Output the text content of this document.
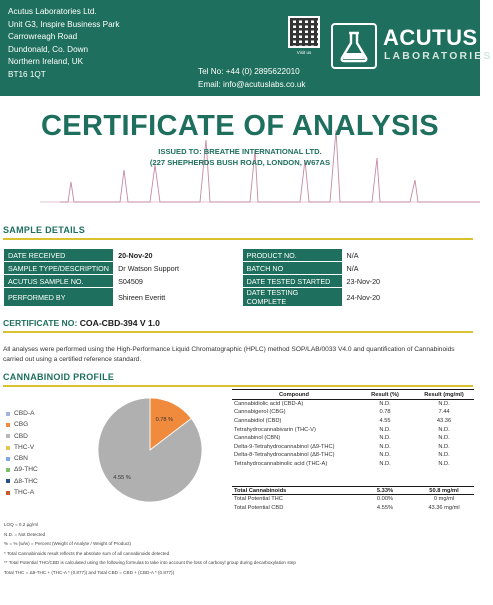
Acutus Laboratories Ltd.
Unit G3, Inspire Business Park
Carrowreagh Road
Dundonald, Co. Down
Northern Ireland, UK
BT16 1QT
Visit us
Tel No: +44 (0) 2895622010
Email: info@acutuslabs.co.uk
ACUTUS
LABORATORIES
CERTIFICATE OF ANALYSIS
ISSUED TO: BREATHE INTERNATIONAL LTD.
(227 SHEPHERDS BUSH ROAD, LONDON, W67AS
SAMPLE DETAILS
DATE RECEIVED	20-Nov-20	PRODUCT NO.	N/A
SAMPLE TYPE/DESCRIPTION	Dr Watson Support	BATCH NO	N/A
ACUTUS SAMPLE NO.	S04509	DATE TESTED STARTED	23-Nov-20
PERFORMED BY	Shireen Everitt	DATE TESTING COMPLETE	24-Nov-20
CERTIFICATE NO: COA-CBD-394 V 1.0
All analyses were performed using the High-Performance Liquid Chromatographic (HPLC) method SOP/LAB/0033 V4.0 and quantification of Cannabinoids carried out using a certified reference standard.
CANNABINOID PROFILE
CBD-A
CBG
CBD
THC-V
CBN
Δ9-THC
Δ8-THC
THC-A
0.78 %
4.55 %
Compound	Result (%)	Result (mg/ml)
Cannabidiolic acid (CBD-A)	N.D.	N.D.
Cannabigerol (CBG)	0.78	7.44
Cannabidiol (CBD)	4.55	43.36
Tetrahydrocannabivarin (THC-V)	N.D.	N.D.
Cannabinol (CBN)	N.D.	N.D.
Delta-9-Tetrahydrocannabinol (Δ9-THC)	N.D.	N.D.
Delta-8-Tetrahydrocannabinol (Δ8-THC)	N.D.	N.D.
Tetrahydrocannabinolic acid (THC-A)	N.D.	N.D.

Total Cannabinoids	5.33%	50.8 mg/ml
Total Potential THC	0.00%	0 mg/ml
Total Potential CBD	4.55%	43.36 mg/ml
LOQ = 0.2 µg/ml
N.D. = Not Detected
% = % (w/w) = Percent (Weight of Analyte / Weight of Product)
* Total Cannabinoids result reflects the absolute sum of all cannabinoids detected
** Total Potential THC/CBD is calculated using the following formulas to take into account the loss of carboxyl group during decarboxylation step
Total THC = Δ9-THC + (THC-A * (0.877)) and Total CBD = CBD + (CBD-A * (0.877))
